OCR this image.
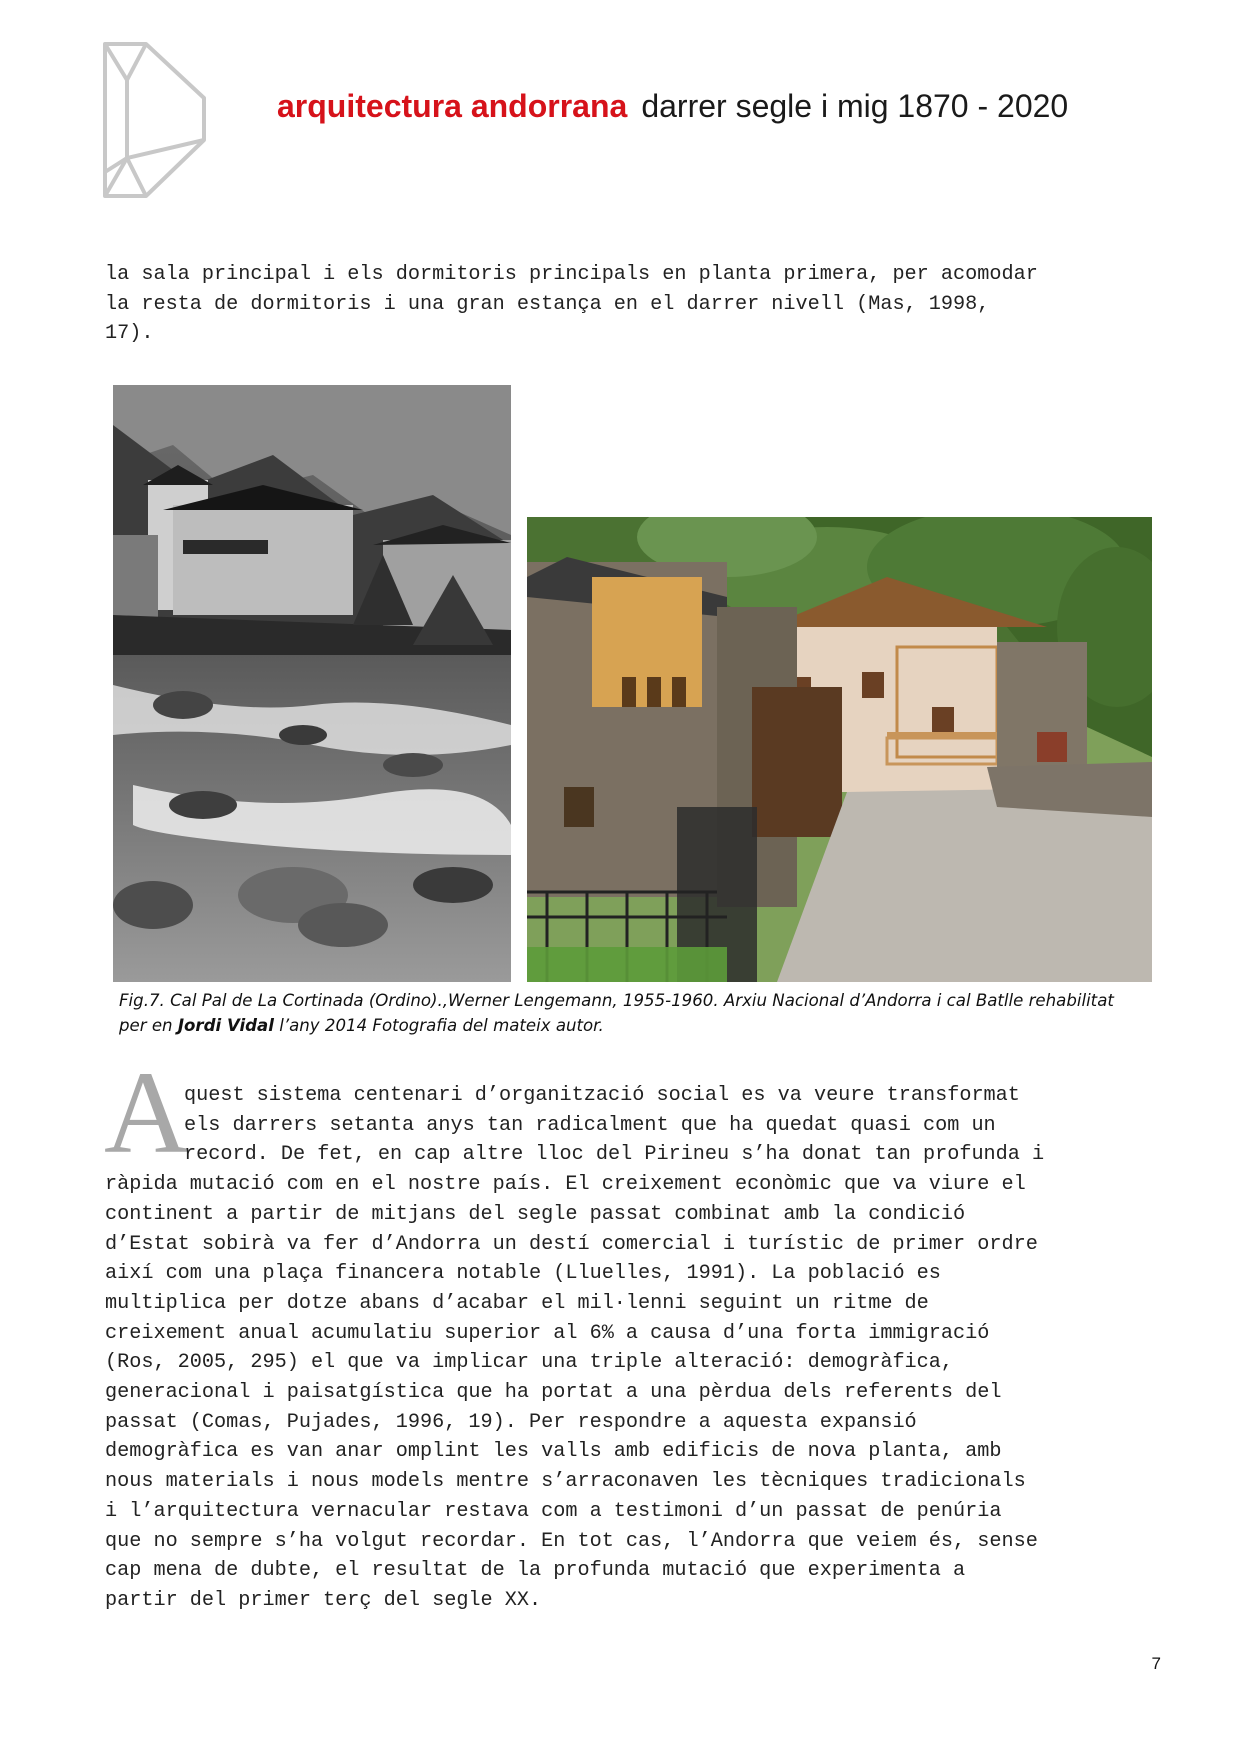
arquitectura andorrana darrer segle i mig 1870 - 2020

la sala principal i els dormitoris principals en planta primera, per acomodar

la resta de dormitoris i una gran estança en el darrer nivell (Mas, 1998,

17).

Fig.7. Cal Pal de La Cortinada (Ordino).,Werner Lengemann, 1955-1960. Arxiu Nacional d’Andorra i cal Batlle rehabilitat per en Jordi Vidal l’any 2014 Fotografia del mateix autor.
A
quest sistema centenari d’organització social es va veure transformat
els darrers setanta anys tan radicalment que ha quedat quasi com un
record. De fet, en cap altre lloc del Pirineu s’ha donat tan profunda i
ràpida mutació com en el nostre país. El creixement econòmic que va viure el
continent a partir de mitjans del segle passat combinat amb la condició
d’Estat sobirà va fer d’Andorra un destí comercial i turístic de primer ordre
així com una plaça financera notable (Lluelles, 1991). La població es
multiplica per dotze abans d’acabar el mil·lenni seguint un ritme de
creixement anual acumulatiu superior al 6% a causa d’una forta immigració
(Ros, 2005, 295) el que va implicar una triple alteració: demogràfica,
generacional i paisatgística que ha portat a una pèrdua dels referents del
passat (Comas, Pujades, 1996, 19). Per respondre a aquesta expansió
demogràfica es van anar omplint les valls amb edificis de nova planta, amb
nous materials i nous models mentre s’arraconaven les tècniques tradicionals
i l’arquitectura vernacular restava com a testimoni d’un passat de penúria
que no sempre s’ha volgut recordar. En tot cas, l’Andorra que veiem és, sense
cap mena de dubte, el resultat de la profunda mutació que experimenta a
partir del primer terç del segle XX.
7
